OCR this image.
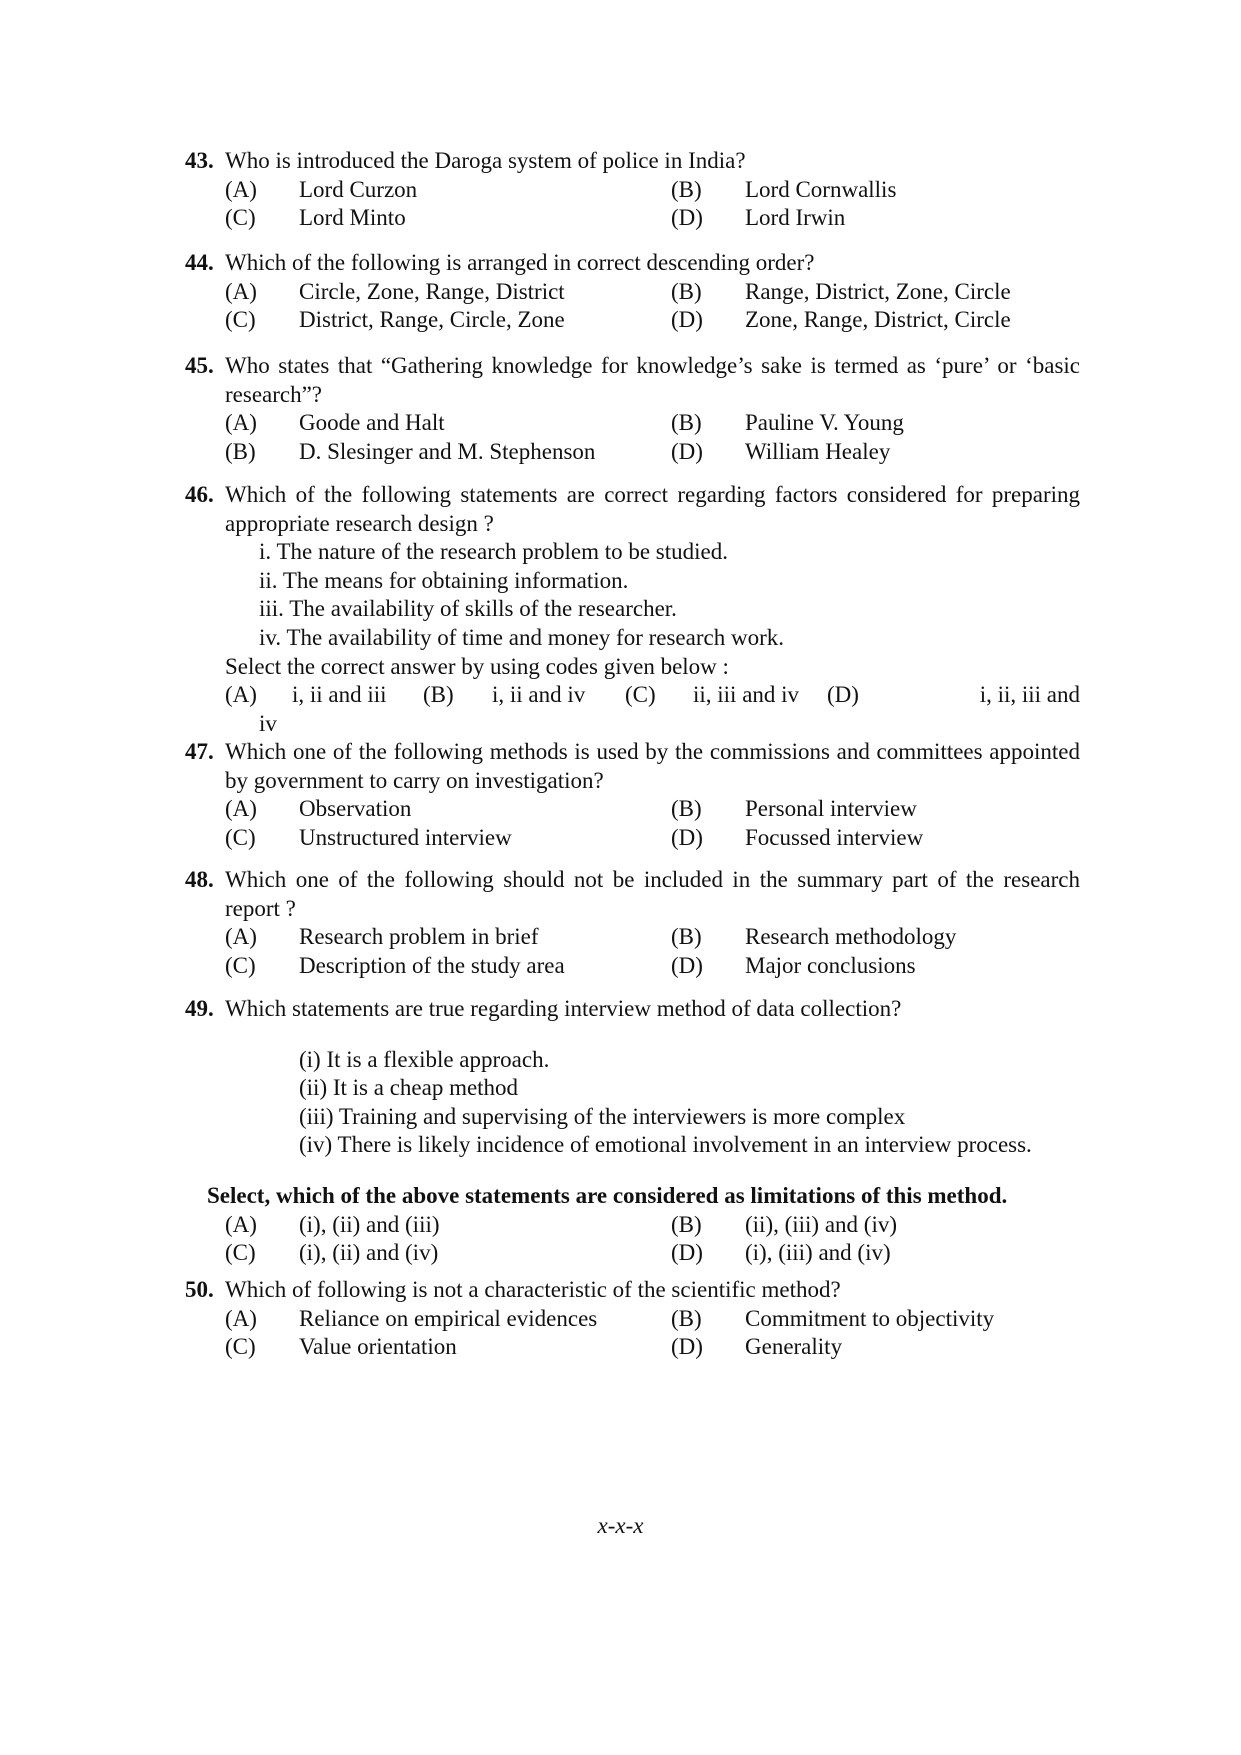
43. Who is introduced the Daroga system of police in India?
(A) Lord Curzon	(B) Lord Cornwallis
(C) Lord Minto	(D) Lord Irwin
44. Which of the following is arranged in correct descending order?
(A) Circle, Zone, Range, District	(B) Range, District, Zone, Circle
(C) District, Range, Circle, Zone	(D) Zone, Range, District, Circle
45. Who states that “Gathering knowledge for knowledge’s sake is termed as ‘pure’ or ‘basic research”?
(A) Goode and Halt	(B) Pauline V. Young
(B) D. Slesinger and M. Stephenson	(D) William Healey
46. Which of the following statements are correct regarding factors considered for preparing appropriate research design ?
i. The nature of the research problem to be studied.
ii. The means for obtaining information.
iii. The availability of skills of the researcher.
iv. The availability of time and money for research work.
Select the correct answer by using codes given below :
(A) i, ii and iii (B) i, ii and iv (C) ii, iii and iv (D)	i, ii, iii and
iv
47. Which one of the following methods is used by the commissions and committees appointed by government to carry on investigation?
(A) Observation	(B) Personal interview
(C) Unstructured interview	(D) Focussed interview
48. Which one of the following should not be included in the summary part of the research report ?
(A) Research problem in brief	(B) Research methodology
(C) Description of the study area	(D) Major conclusions
49. Which statements are true regarding interview method of data collection?
(i) It is a flexible approach.
(ii) It is a cheap method
(iii) Training and supervising of the interviewers is more complex
(iv) There is likely incidence of emotional involvement in an interview process.
Select, which of the above statements are considered as limitations of this method.
(A) (i), (ii) and (iii)	(B) (ii), (iii) and (iv)
(C) (i), (ii) and (iv)	(D) (i), (iii) and (iv)
50. Which of following is not a characteristic of the scientific method?
(A) Reliance on empirical evidences	(B) Commitment to objectivity
(C) Value orientation	(D) Generality
x-x-x
